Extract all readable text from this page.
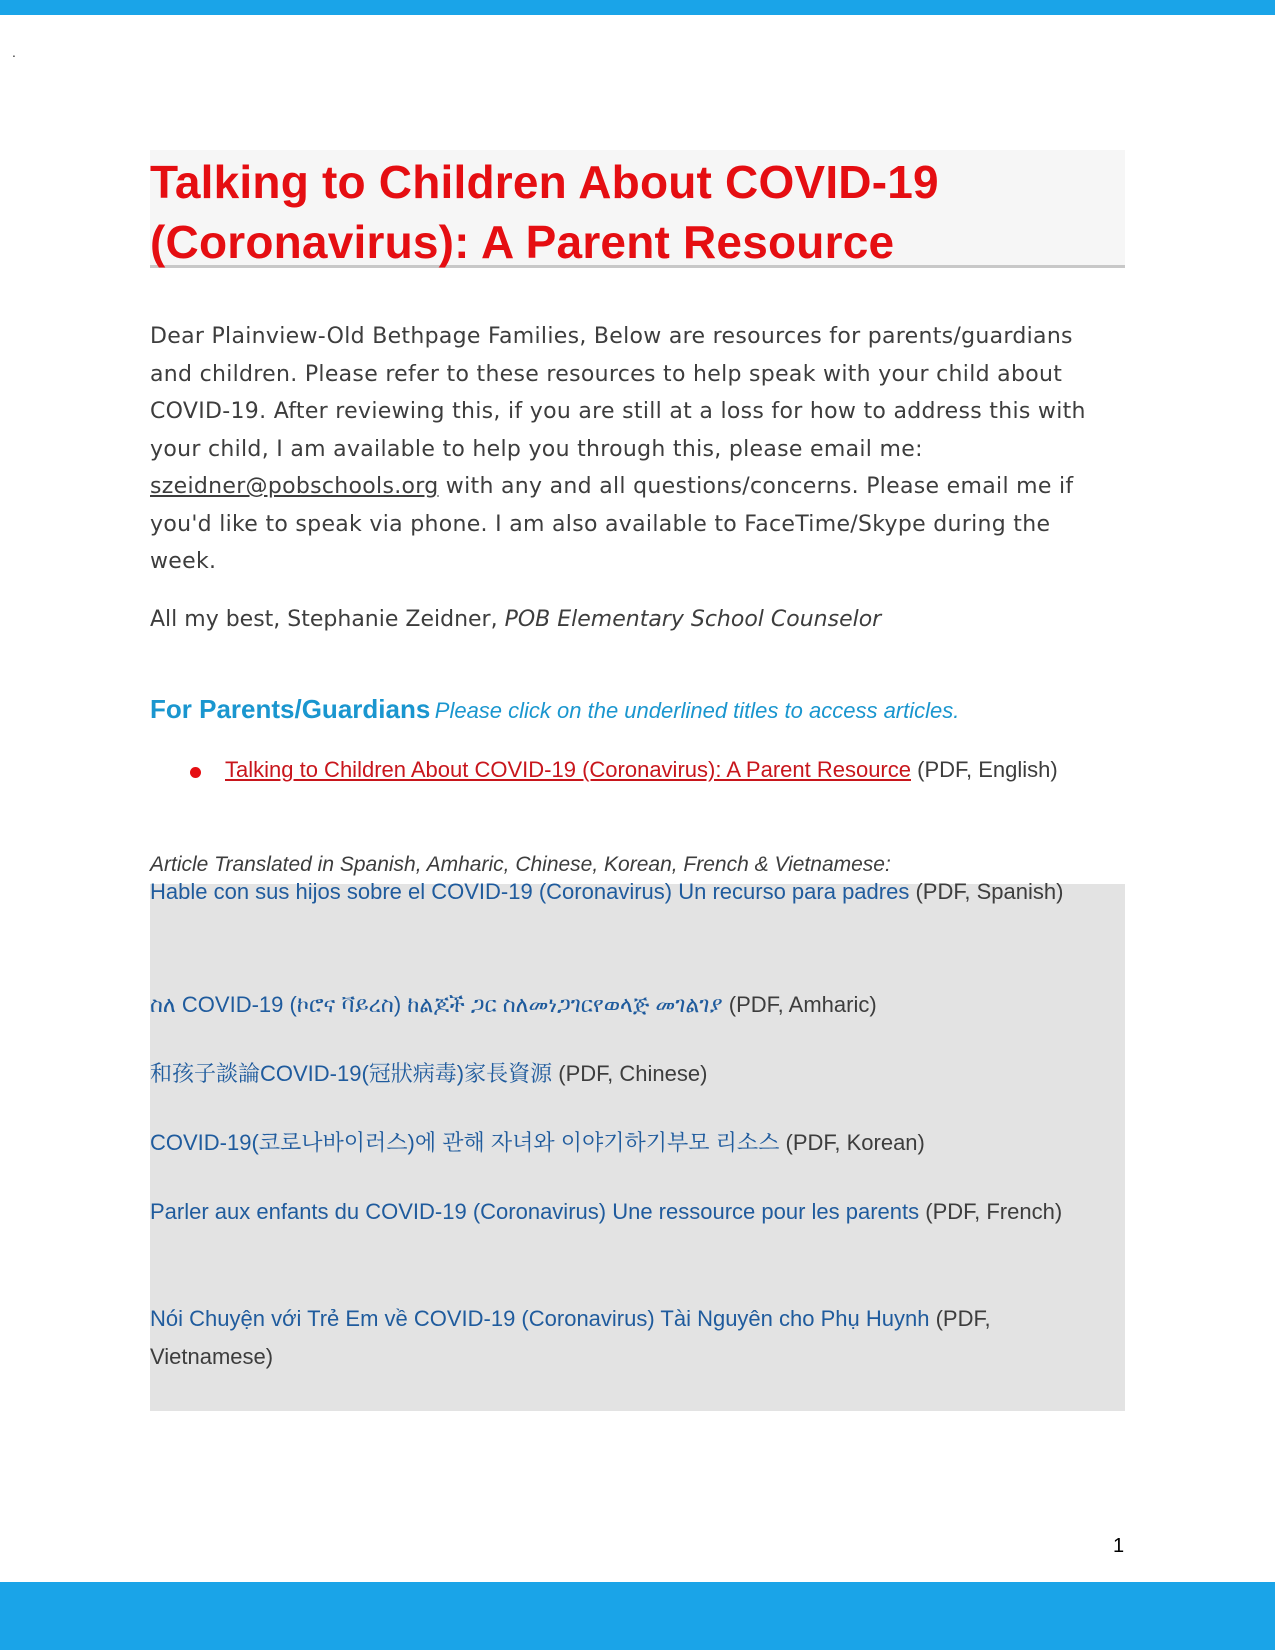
.
Talking to Children About COVID-19 (Coronavirus): A Parent Resource

Dear Plainview-Old Bethpage Families, Below are resources for parents/guardians and children. Please refer to these resources to help speak with your child about COVID-19. After reviewing this, if you are still at a loss for how to address this with your child, I am available to help you through this, please email me: szeidner@pobschools.org with any and all questions/concerns. Please email me if you'd like to speak via phone. I am also available to FaceTime/Skype during the week.

All my best, Stephanie Zeidner, POB Elementary School Counselor

For Parents/Guardians Please click on the underlined titles to access articles.

Talking to Children About COVID-19 (Coronavirus): A Parent Resource (PDF, English)

Article Translated in Spanish, Amharic, Chinese, Korean, French & Vietnamese:

Hable con sus hijos sobre el COVID-19 (Coronavirus) Un recurso para padres (PDF, Spanish)

ስለ COVID-19 (ኮሮና ቫይረስ) ከልጆች ጋር ስለመነጋገርየወላጅ መገልገያ (PDF, Amharic)

和孩子談論COVID-19(冠狀病毒)家長資源 (PDF, Chinese)

COVID-19(코로나바이러스)에 관해 자녀와 이야기하기부모 리소스 (PDF, Korean)

Parler aux enfants du COVID-19 (Coronavirus) Une ressource pour les parents (PDF, French)

Nói Chuyện với Trẻ Em về COVID-19 (Coronavirus) Tài Nguyên cho Phụ Huynh (PDF, Vietnamese)

1
